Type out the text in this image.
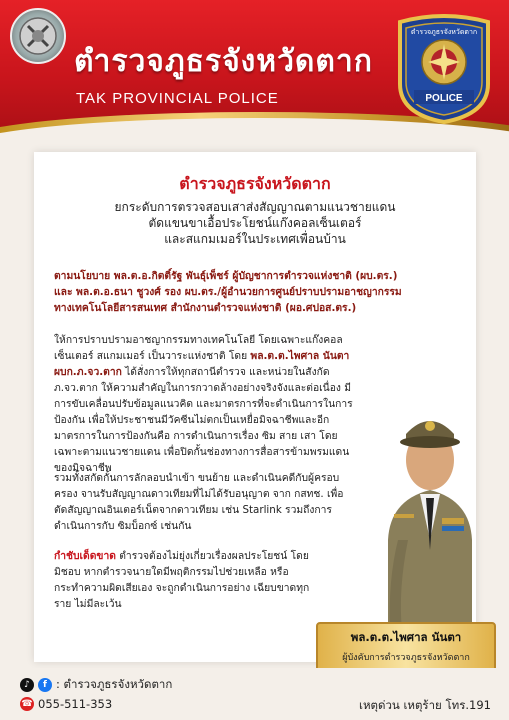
ตำรวจภูธรจังหวัดตาก
TAK PROVINCIAL POLICE
ตำรวจภูธรจังหวัดตาก
POLICE
ตำรวจภูธรจังหวัดตาก
ยกระดับการตรวจสอบเสาส่งสัญญาณตามแนวชายแดน
ตัดแขนขาเอื้อประโยชน์แก๊งคอลเซ็นเตอร์
และสแกมเมอร์ในประเทศเพื่อนบ้าน
ตามนโยบาย พล.ต.อ.กิตติ์รัฐ พันธุ์เพ็ชร์ ผู้บัญชาการตำรวจแห่งชาติ (ผบ.ตร.)
และ พล.ต.อ.ธนา ชูวงศ์ รอง ผบ.ตร./ผู้อำนวยการศูนย์ปราบปรามอาชญากรรม
ทางเทคโนโลยีสารสนเทศ สำนักงานตำรวจแห่งชาติ (ผอ.ศปอส.ตร.)
ให้การปราบปรามอาชญากรรมทางเทคโนโลยี โดยเฉพาะแก๊งคอลเซ็นเตอร์ สแกมเมอร์ เป็นวาระแห่งชาติ โดย พล.ต.ต.ไพศาล นันตา ผบก.ภ.จว.ตาก ได้สั่งการให้ทุกสถานีตำรวจ และหน่วยในสังกัด ภ.จว.ตาก ให้ความสำคัญในการกวาดล้างอย่างจริงจังและต่อเนื่อง มีการขับเคลื่อนปรับข้อมูลแนวคิด และมาตรการที่จะดำเนินการในการป้องกัน เพื่อให้ประชาชนมีวัคซีนไม่ตกเป็นเหยื่อมิจฉาชีพและอีกมาตรการในการป้องกันคือ การดำเนินการเรื่อง ซิม สาย เสา โดยเฉพาะตามแนวชายแดน เพื่อปิดกั้นช่องทางการสื่อสารข้ามพรมแดนของมิจฉาชีพ
รวมทั้งสกัดกั้นการลักลอบนำเข้า ขนย้าย และดำเนินคดีกับผู้ครอบครอง จานรับสัญญาณดาวเทียมที่ไม่ได้รับอนุญาต จาก กสทช. เพื่อตัดสัญญาณอินเตอร์เน็ตจากดาวเทียม เช่น Starlink รวมถึงการดำเนินการกับ ซิมบ็อกซ์ เช่นกัน
กำชับเด็ดขาด ตำรวจต้องไม่ยุ่งเกี่ยวเรื่องผลประโยชน์ โดยมิชอบ หากตำรวจนายใดมีพฤติกรรมไปช่วยเหลือ หรือกระทำความผิดเสียเอง จะถูกดำเนินการอย่าง เฉียบขาดทุกราย ไม่มีละเว้น
พล.ต.ต.ไพศาล นันตา
ผู้บังคับการตำรวจภูธรจังหวัดตาก
♪	f : ตำรวจภูธรจังหวัดตาก
☎ 055-511-353	เหตุด่วน เหตุร้าย โทร.191
